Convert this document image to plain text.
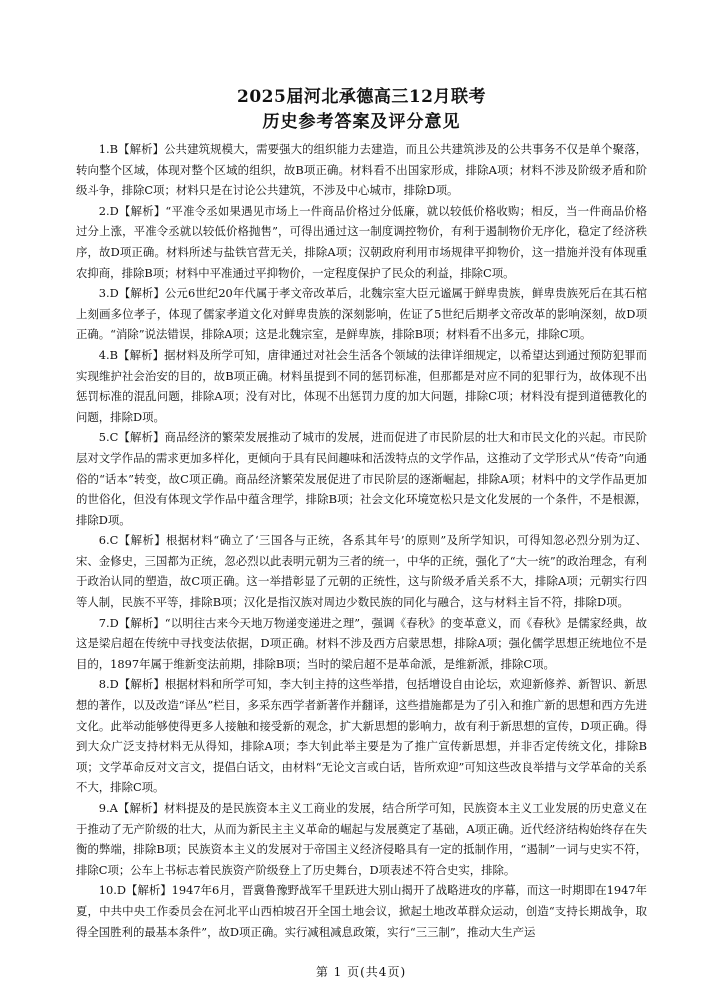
2025届河北承德高三12月联考
历史参考答案及评分意见

1.B【解析】公共建筑规模大，需要强大的组织能力去建造，而且公共建筑涉及的公共事务不仅是单个聚落，转向整个区域，体现对整个区域的组织，故B项正确。材料看不出国家形成，排除A项；材料不涉及阶级矛盾和阶级斗争，排除C项；材料只是在讨论公共建筑，不涉及中心城市，排除D项。

2.D【解析】“平准令丞如果遇见市场上一件商品价格过分低廉，就以较低价格收购；相反，当一件商品价格过分上涨，平准令丞就以较低价格抛售”，可得出通过这一制度调控物价，有利于遏制物价无序化，稳定了经济秩序，故D项正确。材料所述与盐铁官营无关，排除A项；汉朝政府利用市场规律平抑物价，这一措施并没有体现重农抑商，排除B项；材料中平准通过平抑物价，一定程度保护了民众的利益，排除C项。

3.D【解析】公元6世纪20年代属于孝文帝改革后，北魏宗室大臣元谧属于鲜卑贵族，鲜卑贵族死后在其石棺上刻画多位孝子，体现了儒家孝道文化对鲜卑贵族的深刻影响，佐证了5世纪后期孝文帝改革的影响深刻，故D项正确。“消除”说法错误，排除A项；这是北魏宗室，是鲜卑族，排除B项；材料看不出多元，排除C项。

4.B【解析】据材料及所学可知，唐律通过对社会生活各个领域的法律详细规定，以希望达到通过预防犯罪而实现维护社会治安的目的，故B项正确。材料虽提到不同的惩罚标准，但那都是对应不同的犯罪行为，故体现不出惩罚标准的混乱问题，排除A项；没有对比，体现不出惩罚力度的加大问题，排除C项；材料没有提到道德教化的问题，排除D项。

5.C【解析】商品经济的繁荣发展推动了城市的发展，进而促进了市民阶层的壮大和市民文化的兴起。市民阶层对文学作品的需求更加多样化，更倾向于具有民间趣味和活泼特点的文学作品，这推动了文学形式从“传奇”向通俗的“话本”转变，故C项正确。商品经济繁荣发展促进了市民阶层的逐渐崛起，排除A项；材料中的文学作品更加的世俗化，但没有体现文学作品中蕴含理学，排除B项；社会文化环境宽松只是文化发展的一个条件，不是根源，排除D项。

6.C【解析】根据材料“确立了‘三国各与正统，各系其年号’的原则”及所学知识，可得知忽必烈分别为辽、宋、金修史，三国都为正统，忽必烈以此表明元朝为三者的统一，中华的正统，强化了“大一统”的政治理念，有利于政治认同的塑造，故C项正确。这一举措彰显了元朝的正统性，这与阶级矛盾关系不大，排除A项；元朝实行四等人制，民族不平等，排除B项；汉化是指汉族对周边少数民族的同化与融合，这与材料主旨不符，排除D项。

7.D【解析】“以明往古来今天地万物递变递进之理”，强调《春秋》的变革意义，而《春秋》是儒家经典，故这是梁启超在传统中寻找变法依据，D项正确。材料不涉及西方启蒙思想，排除A项；强化儒学思想正统地位不是目的，1897年属于维新变法前期，排除B项；当时的梁启超不是革命派，是维新派，排除C项。

8.D【解析】根据材料和所学可知，李大钊主持的这些举措，包括增设自由论坛，欢迎新修养、新智识、新思想的著作，以及改造“译丛”栏目，多采东西学者新著作并翻译，这些措施都是为了引入和推广新的思想和西方先进文化。此举动能够使得更多人接触和接受新的观念，扩大新思想的影响力，故有利于新思想的宣传，D项正确。得到大众广泛支持材料无从得知，排除A项；李大钊此举主要是为了推广宣传新思想，并非否定传统文化，排除B项；文学革命反对文言文，提倡白话文，由材料“无论文言或白话，皆所欢迎”可知这些改良举措与文学革命的关系不大，排除C项。

9.A【解析】材料提及的是民族资本主义工商业的发展，结合所学可知，民族资本主义工业发展的历史意义在于推动了无产阶级的壮大，从而为新民主主义革命的崛起与发展奠定了基础，A项正确。近代经济结构始终存在失衡的弊端，排除B项；民族资本主义的发展对于帝国主义经济侵略具有一定的抵制作用，“遏制”一词与史实不符，排除C项；公车上书标志着民族资产阶级登上了历史舞台，D项表述不符合史实，排除。

10.D【解析】1947年6月，晋冀鲁豫野战军千里跃进大别山揭开了战略进攻的序幕，而这一时期即在1947年夏，中共中央工作委员会在河北平山西柏坡召开全国土地会议，掀起土地改革群众运动，创造“支持长期战争，取得全国胜利的最基本条件”，故D项正确。实行减租减息政策，实行“三三制”，推动大生产运

第 1 页(共4页)
